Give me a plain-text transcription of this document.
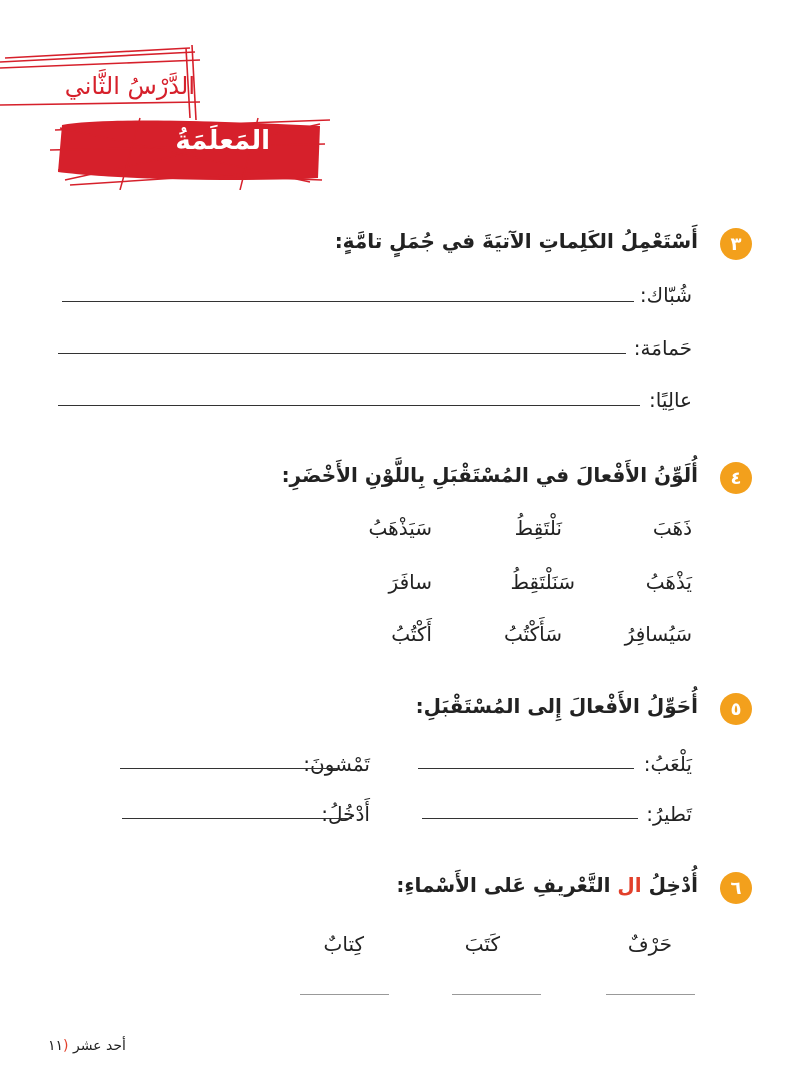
الدَّرْسُ الثَّاني
المَعلَمَةُ
٣
أَسْتَعْمِلُ الكَلِماتِ الآتيَةَ في جُمَلٍ تامَّةٍ:
شُبّاك:
حَمامَة:
عالِيًا:
٤
أُلَوِّنُ الأَفْعالَ في المُسْتَقْبَلِ بِاللَّوْنِ الأَخْضَرِ:
ذَهَبَ
نَلْتَقِطُ
سَيَذْهَبُ
يَذْهَبُ
سَنَلْتَقِطُ
سافَرَ
سَيُسافِرُ
سَأَكْتُبُ
أَكْتُبُ
٥
أُحَوِّلُ الأَفْعالَ إِلى المُسْتَقْبَلِ:
يَلْعَبُ:
تَمْشونَ:
تَطيرُ:
أَدْخُلُ:
٦
أُدْخِلُ ال التَّعْريفِ عَلى الأَسْماءِ:
حَرْفٌ
كَتَبَ
كِتابٌ
أحد عشر (١١
